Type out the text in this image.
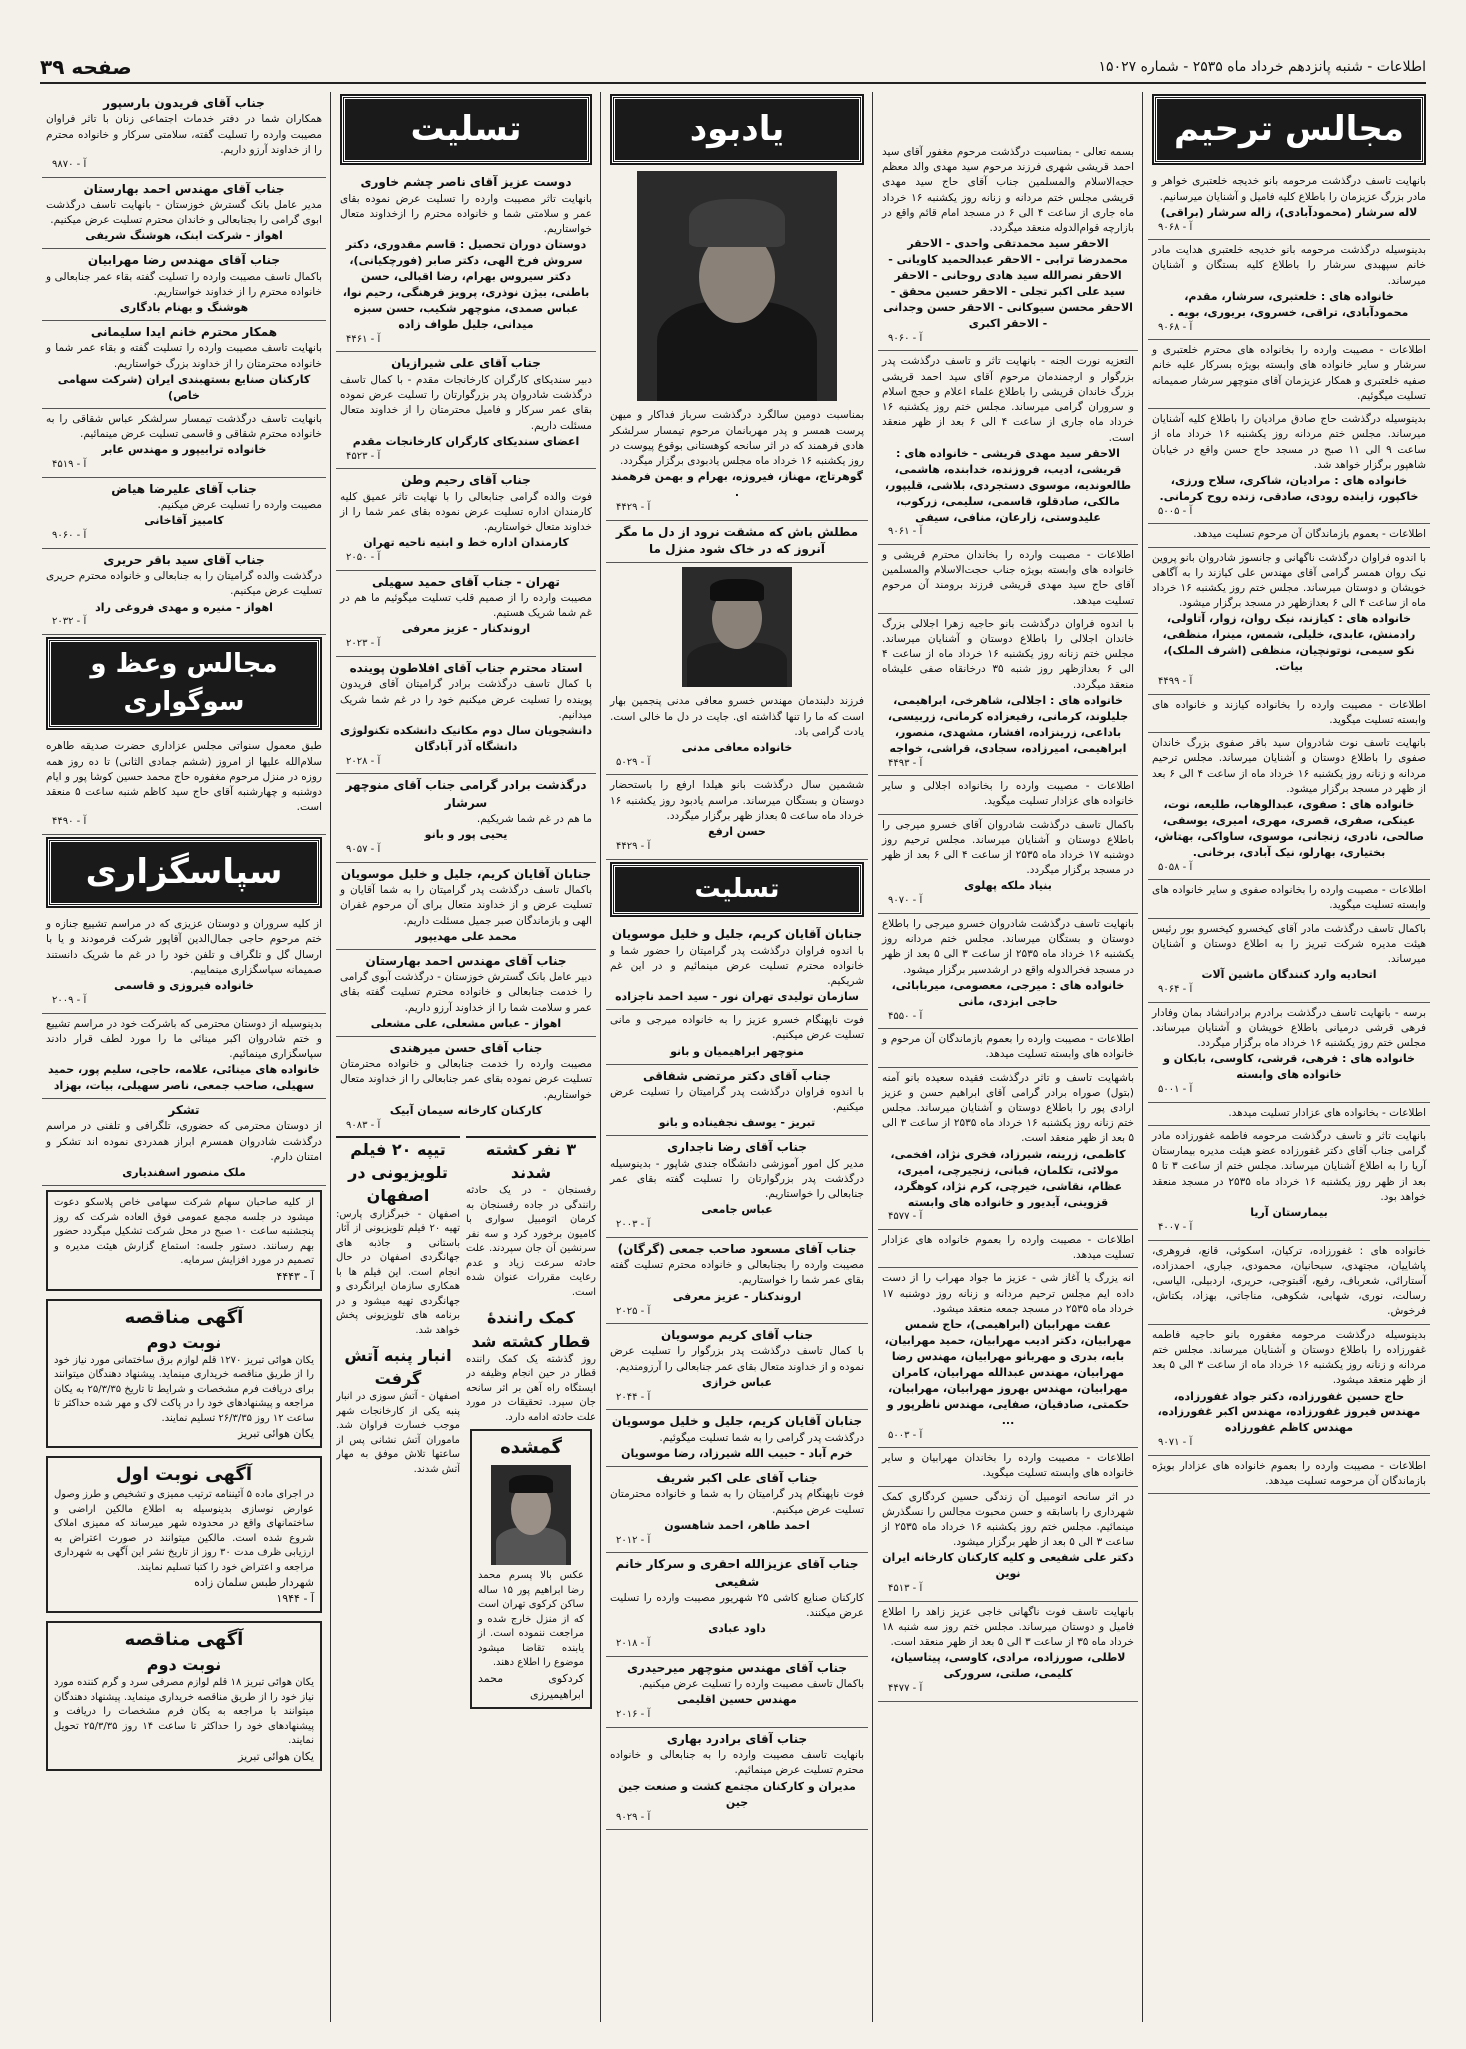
اطلاعات - شنبه پانزدهم خرداد ماه ۲۵۳۵ - شماره ۱۵۰۲۷
صفحه ۳۹
مجالس ترحیم
بانهایت تاسف درگذشت مرحومه بانو خدیجه خلعتبری خواهر و مادر بزرگ عزیزمان را باطلاع کلیه فامیل و آشنایان میرسانیم.
لاله سرشار (محمودآبادی)، زاله سرشار (براقی)
آ - ۹۰۶۸
بدینوسیله درگذشت مرحومه بانو خدیجه خلعتبری هدایت مادر خانم سپهبدی سرشار را باطلاع کلیه بستگان و آشنایان میرساند.
خانواده های : خلعتبری، سرشار، مقدم، محمودآبادی، تراقی، خسروی، بریوری، بویه .
آ - ۹۰۶۸
اطلاعات - مصیبت وارده را بخانواده های محترم خلعتبری و سرشار و سایر خانواده های وابسته بویژه بسرکار علیه خانم صفیه خلعتبری و همکار عزیزمان آقای منوچهر سرشار صمیمانه تسلیت میگوئیم.
بدینوسیله درگذشت حاج صادق مرادیان را باطلاع کلیه آشنایان میرساند. مجلس ختم مردانه روز یکشنبه ۱۶ خرداد ماه از ساعت ۹ الی ۱۱ صبح در مسجد حاج حسن واقع در خیابان شاهپور برگزار خواهد شد.
خانواده های : مرادیان، شاکری، سلاح ورزی، خاکپور، زاینده رودی، صادقی، زنده روح کرمانی.
آ - ۵۰۰۵
اطلاعات - بعموم بازماندگان آن مرحوم تسلیت میدهد.
با اندوه فراوان درگذشت ناگهانی و جانسوز شادروان بانو پروین نیک روان همسر گرامی آقای مهندس علی کیازند را به آگاهی خویشان و دوستان میرساند. مجلس ختم روز یکشنبه ۱۶ خرداد ماه از ساعت ۴ الی ۶ بعدازظهر در مسجد برگزار میشود.
خانواده های : کیازند، نیک روان، زوار، آتاولی، رادمنش، عابدی، خلیلی، شمس، مینرا، منظفی، نکو سیمی، نوتونچیان، منظفی (اشرف الملک)، بیات.
آ - ۴۴۹۹
اطلاعات - مصیبت وارده را بخانواده کیازند و خانواده های وابسته تسلیت میگوید.
بانهایت تاسف نوت شادروان سید باقر صفوی بزرگ خاندان صفوی را باطلاع دوستان و آشنایان میرساند. مجلس ترحیم مردانه و زنانه روز یکشنبه ۱۶ خرداد ماه از ساعت ۴ الی ۶ بعد از ظهر در مسجد برگزار میشود.
خانواده های : صفوی، عبدالوهاب، طلیعه، نوت، عینکی، صفری، قصری، مهری، امیری، یوسفی، صالحی، نادری، زنجانی، موسوی، ساواکی، بهتاش، بختیاری، بهارلو، نیک آبادی، برخانی.
آ - ۵۰۵۸
اطلاعات - مصیبت وارده را بخانواده صفوی و سایر خانواده های وابسته تسلیت میگوید.
باکمال تاسف درگذشت مادر آقای کیخسرو کیخسرو بور رئیس هیئت مدیره شرکت تبریز را به اطلاع دوستان و آشنایان میرساند.
اتحادیه وارد کنندگان ماشین آلات
آ - ۹۰۶۴
برسه - بانهایت تاسف درگذشت برادرم برادرانشاد بمان وفادار فرهی قرشی درمیانی باطلاع خویشان و آشنایان میرساند. مجلس ختم روز یکشنبه ۱۶ خرداد ماه برگزار میگردد.
خانواده های : فرهی، قرشی، کاوسی، بابکان و خانواده های وابسته
آ - ۵۰۰۱
اطلاعات - بخانواده های عزادار تسلیت میدهد.
بانهایت تاثر و تاسف درگذشت مرحومه فاطمه غفورزاده مادر گرامی جناب آقای دکتر غفورزاده عضو هیئت مدیره بیمارستان آریا را به اطلاع آشنایان میرساند. مجلس ختم از ساعت ۳ تا ۵ بعد از ظهر روز یکشنبه ۱۶ خرداد ماه ۲۵۳۵ در مسجد منعقد خواهد بود.
بیمارستان آریا
آ - ۴۰۰۷
خانواده های : غفورزاده، ترکیان، اسکوئی، قانع، فروهری، پاشاییان، مجتهدی، سبحانیان، محمودی، جباری، احمدزاده، آستارائی، شعرباف، رفیع، آقبتوجی، حریری، اردبیلی، الیاسی، رسالت، نوری، شهابی، شکوهی، مناجاتی، بهزاد، بکتاش، فرخوش.
بدینوسیله درگذشت مرحومه مغفوره بانو حاجیه فاطمه غفورزاده را باطلاع دوستان و آشنایان میرساند. مجلس ختم مردانه و زنانه روز یکشنبه ۱۶ خرداد ماه از ساعت ۳ الی ۵ بعد از ظهر منعقد میشود.
حاج حسین غفورزاده، دکتر جواد غفورزاده، مهندس فیروز غفورزاده، مهندس اکبر غفورزاده، مهندس کاظم غفورزاده
آ - ۹۰۷۱
اطلاعات - مصیبت وارده را بعموم خانواده های عزادار بویژه بازماندگان آن مرحومه تسلیت میدهد.
بسمه تعالی - بمناسبت درگذشت مرحوم مغفور آقای سید احمد قریشی شهری فرزند مرحوم سید مهدی والد معظم حجه‌الاسلام والمسلمین جناب آقای حاج سید مهدی قریشی مجلس ختم مردانه و زنانه روز یکشنبه ۱۶ خرداد ماه جاری از ساعت ۴ الی ۶ در مسجد امام قائم واقع در بازارچه قوام‌الدوله منعقد میگردد.
الاحقر سید محمدتقی واحدی - الاحقر محمدرضا ترابی - الاحقر عبدالحمید کاویانی - الاحقر نصرالله سید هادی روحانی - الاحقر سید علی اکبر تجلی - الاحقر حسین محقق - الاحقر محسن سیوکانی - الاحقر حسن وجدانی - الاحقر اکبری
آ - ۹۰۶۰
التعزیه نورت الجنه - بانهایت تاثر و تاسف درگذشت پدر بزرگوار و ارجمندمان مرحوم آقای سید احمد قریشی بزرگ خاندان قریشی را باطلاع علماء اعلام و حجج اسلام و سروران گرامی میرساند. مجلس ختم روز یکشنبه ۱۶ خرداد ماه جاری از ساعت ۴ الی ۶ بعد از ظهر منعقد است.
الاحقر سید مهدی قریشی - خانواده های : قریشی، ادیب، فروزنده، خدابنده، هاشمی، طالعوندیه، موسوی دستجردی، بلاشی، قلیپور، مالکی، صادقلو، قاسمی، سلیمی، زرکوب، علیدوستی، زارعان، منافی، سیفی
آ - ۹۰۶۱
اطلاعات - مصیبت وارده را بخاندان محترم قریشی و خانواده های وابسته بویژه جناب حجت‌الاسلام والمسلمین آقای حاج سید مهدی قریشی فرزند برومند آن مرحوم تسلیت میدهد.
با اندوه فراوان درگذشت بانو حاجیه زهرا اجلالی بزرگ خاندان اجلالی را باطلاع دوستان و آشنایان میرساند. مجلس ختم زنانه روز یکشنبه ۱۶ خرداد ماه از ساعت ۴ الی ۶ بعدازظهر روز شنبه ۳۵ درخانقاه صفی علیشاه منعقد میگردد.
خانواده های : اجلالی، شاهرخی، ابراهیمی، جلیلوند، کرمانی، رفیعزاده کرمانی، زربیسی، باداعی، زرینزاده، افشار، مشهدی، منصور، ابراهیمی، امیرزاده، سجادی، قراشی، خواجه
آ - ۴۴۹۳
اطلاعات - مصیبت وارده را بخانواده اجلالی و سایر خانواده های عزادار تسلیت میگوید.
باکمال تاسف درگذشت شادروان آقای خسرو میرجی را باطلاع دوستان و آشنایان میرساند. مجلس ترحیم روز دوشنبه ۱۷ خرداد ماه ۲۵۳۵ از ساعت ۴ الی ۶ بعد از ظهر در مسجد برگزار میگردد.
بنیاد ملکه پهلوی
آ - ۹۰۷۰
بانهایت تاسف درگذشت شادروان خسرو میرجی را باطلاع دوستان و بستگان میرساند. مجلس ختم مردانه روز یکشنبه ۱۶ خرداد ماه ۲۵۳۵ از ساعت ۳ الی ۵ بعد از ظهر در مسجد فخرالدوله واقع در ارشدسیر برگزار میشود.
خانواده های : میرجی، معصومی، میربابائی، حاجی ابزدی، مانی
آ - ۴۵۵۰
اطلاعات - مصیبت وارده را بعموم بازماندگان آن مرحوم و خانواده های وابسته تسلیت میدهد.
باشهایت تاسف و تاثر درگذشت فقیده سعیده بانو آمنه (بتول) صوراه برادر گرامی آقای ابراهیم حسن و عزیز ارادی پور را باطلاع دوستان و آشنایان میرساند. مجلس ختم زنانه روز یکشنبه ۱۶ خرداد ماه ۲۵۳۵ از ساعت ۳ الی ۵ بعد از ظهر منعقد است.
کاظمی، زرینه، شیرزاد، فخری نژاد، افخمی، مولائی، تکلمان، قبانی، زنجیرچی، امیری، عظام، نقاشی، خیرچی، کرم نژاد، کوهگرد، قزوینی، آیدیور و خانواده های وابسته
آ - ۴۵۷۷
اطلاعات - مصیبت وارده را بعموم خانواده های عزادار تسلیت میدهد.
انه یزرگ یا آغاز شی - عزیز ما جواد مهراب را از دست داده ایم مجلس ترحیم مردانه و زنانه روز دوشنبه ۱۷ خرداد ماه ۲۵۳۵ در مسجد جمعه منعقد میشود.
عفت مهرابیان (ابراهیمی)، حاج شمس مهرابیان، دکتر ادیب مهرابیان، حمید مهرابیان، بابه، بدری و مهربانو مهرابیان، مهندس رضا مهرابیان، مهندس عبدالله مهرابیان، کامران مهرابیان، مهندس بهروز مهرابیان، مهرابیان، حکمتی، صادقیان، صفایی، مهندس ناظرپور و ...
آ - ۵۰۰۳
اطلاعات - مصیبت وارده را بخاندان مهرابیان و سایر خانواده های وابسته تسلیت میگوید.
در اثر سانحه اتومبیل آن زندگی حسین کردگاری کمک شهرداری را باسابقه و حسن محبوت مجالس را نسگذرش مینمائیم. مجلس ختم روز یکشنبه ۱۶ خرداد ماه ۲۵۳۵ از ساعت ۳ الی ۵ بعد از ظهر برگزار میشود.
دکتر علی شفیعی و کلیه کارکنان کارخانه ایران نوین
آ - ۴۵۱۳
بانهایت تاسف فوت ناگهانی خاجی عزیز زاهد را اطلاع فامیل و دوستان میرساند. مجلس ختم روز سه شنبه ۱۸ خرداد ماه ۳۵ از ساعت ۳ الی ۵ بعد از ظهر منعقد است.
لاطلی، صورزاده، مرادی، کاوسی، پیتاسیان، کلیمی، صلتی، سرورکی
آ - ۴۴۷۷
یادبود
بمناسبت دومین سالگرد درگذشت سرباز فداکار و میهن پرست همسر و پدر مهربانمان مرحوم تیمسار سرلشکر هادی فرهمند که در اثر سانحه کوهستانی بوقوع پیوست در روز یکشنبه ۱۶ خرداد ماه مجلس یادبودی برگزار میگردد.
گوهرتاج، مهناز، فیروزه، بهرام و بهمن فرهمند .
آ - ۴۴۲۹
مطلش باش که مشقت نرود از دل ما مگر آنروز که در خاک شود منزل ما
فرزند دلبندمان مهندس خسرو معافی مدنی پنجمین بهار است که ما را تنها گذاشته ای. جایت در دل ما خالی است. یادت گرامی باد.
خانواده معافی مدنی
آ - ۵۰۲۹
ششمین سال درگذشت بانو هیلدا ارفع را باستحضار دوستان و بستگان میرساند. مراسم یادبود روز یکشنبه ۱۶ خرداد ماه ساعت ۵ بعداز ظهر برگزار میگردد.
حسن ارفع
آ - ۴۴۲۹
تسلیت
جنابان آقایان کریم، جلیل و خلیل موسویان
با اندوه فراوان درگذشت پدر گرامیتان را حضور شما و خانواده محترم تسلیت عرض مینمائیم و در این غم شریکیم.
سازمان تولیدی تهران نور - سید احمد ناجزاده
فوت ناپهنگام خسرو عزیز را به خانواده میرجی و مانی تسلیت عرض میکنیم.
منوچهر ابراهیمیان و بانو
جناب آقای دکتر مرتضی شفاقی
با اندوه فراوان درگذشت پدر گرامیتان را تسلیت عرض میکنیم.
تبریز - یوسف نجفیناده و بانو
جناب آقای رضا ناجداری
مدیر کل امور آموزشی دانشگاه جندی شاپور - بدینوسیله درگذشت پدر بزرگوارتان را تسلیت گفته بقای عمر جنابعالی را خواستاریم.
عباس جامعی
آ - ۲۰۰۳
جناب آقای مسعود صاحب جمعی (گرگان)
مصیبت وارده را بجنابعالی و خانواده محترم تسلیت گفته بقای عمر شما را خواستاریم.
اروندکنار - عزیز معرفی
آ - ۲۰۲۵
جناب آقای کریم موسویان
با کمال تاسف درگذشت پدر بزرگوار را تسلیت عرض نموده و از خداوند متعال بقای عمر جنابعالی را آرزومندیم.
عباس خرازی
آ - ۲۰۴۴
جنابان آقایان کریم، جلیل و خلیل موسویان
درگذشت پدر گرامی را به شما تسلیت میگوئیم.
خرم آباد - حبیب الله شیرزاد، رضا موسویان
جناب آقای علی اکبر شریف
فوت ناپهنگام پدر گرامیتان را به شما و خانواده محترمتان تسلیت عرض میکنیم.
احمد طاهر، احمد شاهسون
آ - ۲۰۱۲
جناب آقای عزیزالله احقری و سرکار خانم شفیعی
کارکنان صنایع کاشی ۲۵ شهریور مصیبت وارده را تسلیت عرض میکنند.
داود عبادی
آ - ۲۰۱۸
جناب آقای مهندس منوچهر میرحیدری
باکمال تاسف مصیبت وارده را تسلیت عرض میکنیم.
مهندس حسین اقلیمی
آ - ۲۰۱۶
جناب آقای برادرد بهاری
بانهایت تاسف مصیبت وارده را به جنابعالی و خانواده محترم تسلیت عرض مینمائیم.
مدیران و کارکنان مجتمع کشت و صنعت جین جین
آ - ۹۰۲۹
تسلیت
دوست عزیز آقای ناصر چشم خاوری
بانهایت تاثر مصیبت وارده را تسلیت عرض نموده بقای عمر و سلامتی شما و خانواده محترم را ازخداوند متعال خواستاریم.
دوستان دوران تحصیل : قاسم مقدوری، دکتر سروش فرخ الهی، دکتر صابر (فورچکیانی)، دکتر سیروس بهرام، رضا اقبالی، حسن باطنی، بیژن نوذری، پرویز فرهنگی، رحیم نوا، عباس صمدی، منوچهر شکیب، حسن سبزه میدانی، جلیل طواف زاده
آ - ۴۴۶۱
جناب آقای علی شیرازیان
دبیر سندیکای کارگران کارخانجات مقدم - با کمال تاسف درگذشت شادروان پدر بزرگوارتان را تسلیت عرض نموده بقای عمر سرکار و فامیل محترمتان را از خداوند متعال مسئلت داریم.
اعضای سندیکای کارگران کارخانجات مقدم
آ - ۴۵۲۳
جناب آقای رحیم وطن
فوت والده گرامی جنابعالی را با نهایت تاثر عمیق کلیه کارمندان اداره تسلیت عرض نموده بقای عمر شما را از خداوند متعال خواستاریم.
کارمندان اداره خط و ابنیه ناحیه تهران
آ - ۲۰۵۰
تهران - جناب آقای حمید سهیلی
مصیبت وارده را از صمیم قلب تسلیت میگوئیم ما هم در غم شما شریک هستیم.
اروندکنار - عزیز معرفی
آ - ۲۰۲۳
استاد محترم جناب آقای افلاطون پوینده
با کمال تاسف درگذشت برادر گرامیتان آقای فریدون پوینده را تسلیت عرض میکنیم خود را در غم شما شریک میدانیم.
دانشجویان سال دوم مکانیک دانشکده تکنولوژی دانشگاه آذر آبادگان
آ - ۲۰۲۸
درگذشت برادر گرامی جناب آقای منوچهر سرشار
ما هم در غم شما شریکیم.
یحیی پور و بانو
آ - ۹۰۵۷
جنابان آقایان کریم، جلیل و خلیل موسویان
باکمال تاسف درگذشت پدر گرامیتان را به شما آقایان و تسلیت عرض و از خداوند متعال برای آن مرحوم غفران الهی و بازماندگان صبر جمیل مسئلت داریم.
محمد علی مهدیپور
جناب آقای مهندس احمد بهارستان
دبیر عامل بانک گسترش خوزستان - درگذشت آبوی گرامی را خدمت جنابعالی و خانواده محترم تسلیت گفته بقای عمر و سلامت شما را از خداوند آرزو داریم.
اهواز - عباس مشعلی، علی مشعلی
جناب آقای حسن میرهندی
مصیبت وارده را خدمت جنابعالی و خانواده محترمتان تسلیت عرض نموده بقای عمر جنابعالی را از خداوند متعال خواستاریم.
کارکنان کارخانه سیمان آبیک
آ - ۹۰۸۳
۳ نفر کشته شدند
رفسنجان - در یک حادثه رانندگی در جاده رفسنجان به کرمان اتومبیل سواری با کامیون برخورد کرد و سه نفر سرنشین آن جان سپردند. علت حادثه سرعت زیاد و عدم رعایت مقررات عنوان شده است.
کمک رانندۀ قطار کشته شد
روز گذشته یک کمک راننده قطار در حین انجام وظیفه در ایستگاه راه آهن بر اثر سانحه جان سپرد. تحقیقات در مورد علت حادثه ادامه دارد.
گمشده
عکس بالا پسرم محمد رضا ابراهیم پور ۱۵ ساله ساکن کرکوی تهران است که از منزل خارج شده و مراجعت ننموده است. از یابنده تقاضا میشود موضوع را اطلاع دهند.
کردکوی محمد ابراهیمیرزی
تیپه ۲۰ فیلم تلویزیونی در اصفهان
اصفهان - خبرگزاری پارس: تهیه ۲۰ فیلم تلویزیونی از آثار باستانی و جاذبه های جهانگردی اصفهان در حال انجام است. این فیلم ها با همکاری سازمان ایرانگردی و جهانگردی تهیه میشود و در برنامه های تلویزیونی پخش خواهد شد.
انبار پنبه آتش گرفت
اصفهان - آتش سوزی در انبار پنبه یکی از کارخانجات شهر موجب خسارت فراوان شد. ماموران آتش نشانی پس از ساعتها تلاش موفق به مهار آتش شدند.
جناب آقای فریدون بارسپور
همکاران شما در دفتر خدمات اجتماعی زنان با تاثر فراوان مصیبت وارده را تسلیت گفته، سلامتی سرکار و خانواده محترم را از خداوند آرزو داریم.
آ - ۹۸۷۰
جناب آقای مهندس احمد بهارستان
مدیر عامل بانک گسترش خوزستان - بانهایت تاسف درگذشت ابوی گرامی را بجنابعالی و خاندان محترم تسلیت عرض میکنیم.
اهواز - شرکت ابنک، هوشنگ شریفی
جناب آقای مهندس رضا مهرابیان
باکمال تاسف مصیبت وارده را تسلیت گفته بقاء عمر جنابعالی و خانواده محترم را از خداوند خواستاریم.
هوشنگ و بهنام بادگاری
همکار محترم خانم ایدا سلیمانی
بانهایت تاسف مصیبت وارده را تسلیت گفته و بقاء عمر شما و خانواده محترمتان را از خداوند بزرگ خواستاریم.
کارکنان صنایع بستهبندی ایران (شرکت سهامی خاص)
بانهایت تاسف درگذشت تیمسار سرلشکر عباس شقاقی را به خانواده محترم شقاقی و قاسمی تسلیت عرض مینمائیم.
خانواده ترابیپور و مهندس عابر
آ - ۴۵۱۹
جناب آقای علیرضا هیاض
مصیبت وارده را تسلیت عرض میکنیم.
کامبیز آقاخانی
آ - ۹۰۶۰
جناب آقای سید باقر حریری
درگذشت والده گرامیتان را به جنابعالی و خانواده محترم حریری تسلیت عرض میکنیم.
اهواز - منیره و مهدی فروغی راد
آ - ۲۰۳۲
مجالس وعظ و سوگواری
طبق معمول سنواتی مجلس عزاداری حضرت صدیقه طاهره سلام‌الله علیها از امروز (ششم جمادی الثانی) تا ده روز همه روزه در منزل مرحوم مغفوره حاج محمد حسین کوشا پور و ایام دوشنبه و چهارشنبه آقای حاج سید کاظم شنبه ساعت ۵ منعقد است.
آ - ۴۴۹۰
سپاسگزاری
از کلیه سروران و دوستان عزیزی که در مراسم تشییع جنازه و ختم مرحوم حاجی جمال‌الدین آقاپور شرکت فرمودند و یا با ارسال گل و تلگراف و تلفن خود را در غم ما شریک دانستند صمیمانه سپاسگزاری مینماییم.
خانواده فیروزی و قاسمی
آ - ۲۰۰۹
بدینوسیله از دوستان محترمی که باشرکت خود در مراسم تشییع و ختم شادروان اکبر مینائی ما را مورد لطف قرار دادند سپاسگزاری مینمائیم.
خانواده های مینائی، علامه، حاجی، سلیم پور، حمید سهیلی، صاحب جمعی، ناصر سهیلی، بیات، بهزاد
تشکر
از دوستان محترمی که حضوری، تلگرافی و تلفنی در مراسم درگذشت شادروان همسرم ابراز همدردی نموده اند تشکر و امتنان دارم.
ملک منصور اسفندیاری
از کلیه صاحبان سهام شرکت سهامی خاص پلاسکو دعوت میشود در جلسه مجمع عمومی فوق العاده شرکت که روز پنجشنبه ساعت ۱۰ صبح در محل شرکت تشکیل میگردد حضور بهم رسانند. دستور جلسه: استماع گزارش هیئت مدیره و تصمیم در مورد افزایش سرمایه.
آ - ۴۴۴۳
آگهی مناقصه
نوبت دوم
یکان هوائی تبریز ۱۲۷۰ قلم لوازم برق ساختمانی مورد نیاز خود را از طریق مناقصه خریداری مینماید. پیشنهاد دهندگان میتوانند برای دریافت فرم مشخصات و شرایط تا تاریخ ۲۵/۳/۳۵ به یکان مراجعه و پیشنهادهای خود را در پاکت لاک و مهر شده حداکثر تا ساعت ۱۲ روز ۲۶/۳/۳۵ تسلیم نمایند.
یکان هوائی تبریز
آگهی نوبت اول
در اجرای ماده ۵ آئیننامه ترتیب ممیزی و تشخیص و طرز وصول عوارض نوسازی بدینوسیله به اطلاع مالکین اراضی و ساختمانهای واقع در محدوده شهر میرساند که ممیزی املاک شروع شده است. مالکین میتوانند در صورت اعتراض به ارزیابی ظرف مدت ۳۰ روز از تاریخ نشر این آگهی به شهرداری مراجعه و اعتراض خود را کتبا تسلیم نمایند.
شهردار طبس سلمان زاده
آ - ۱۹۴۴
آگهی مناقصه
نوبت دوم
یکان هوائی تبریز ۱۸ قلم لوازم مصرفی سرد و گرم کننده مورد نیاز خود را از طریق مناقصه خریداری مینماید. پیشنهاد دهندگان میتوانند با مراجعه به یکان فرم مشخصات را دریافت و پیشنهادهای خود را حداکثر تا ساعت ۱۴ روز ۲۵/۳/۳۵ تحویل نمایند.
یکان هوائی تبریز
